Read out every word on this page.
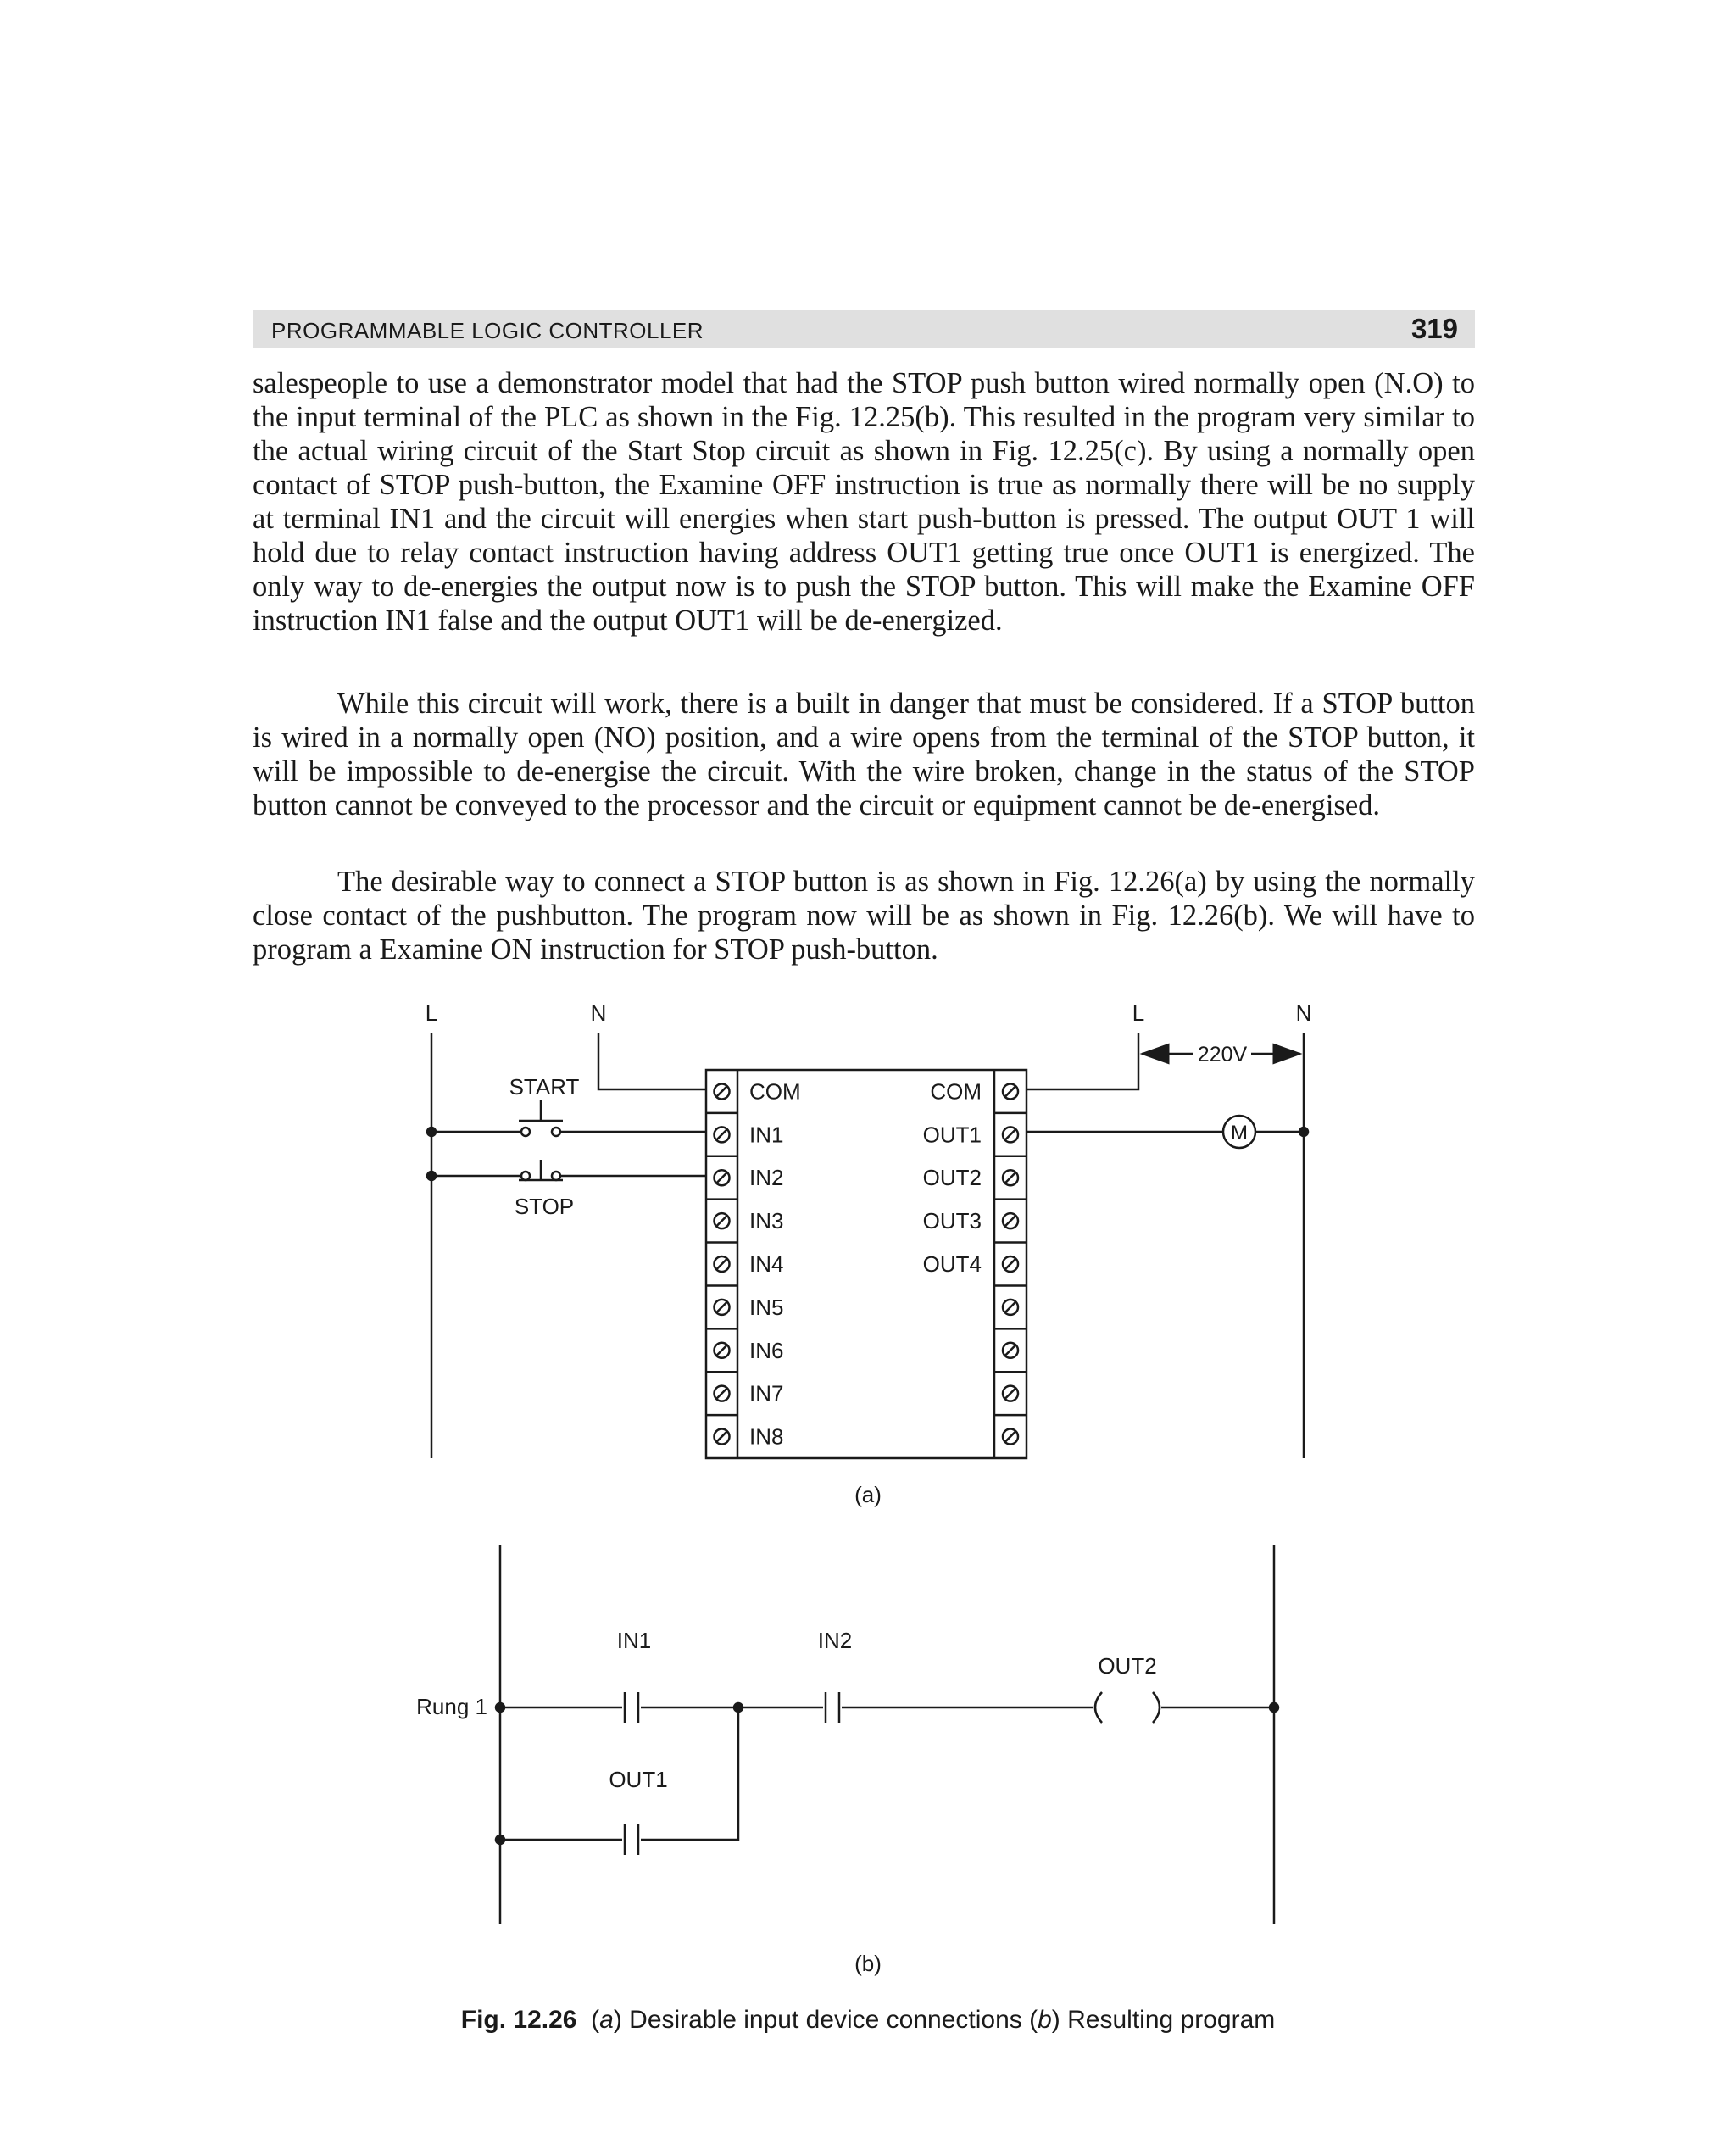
PROGRAMMABLE LOGIC CONTROLLER	319

salespeople to use a demonstrator model that had the STOP push button wired normally open (N.O) to the input terminal of the PLC as shown in the Fig. 12.25(b). This resulted in the program very similar to the actual wiring circuit of the Start Stop circuit as shown in Fig. 12.25(c). By using a normally open contact of STOP push-button, the Examine OFF instruction is true as normally there will be no supply at terminal IN1 and the circuit will energies when start push-button is pressed. The output OUT 1 will hold due to relay contact instruction having address OUT1 getting true once OUT1 is energized. The only way to de-energies the output now is to push the STOP button. This will make the Examine OFF instruction IN1 false and the output OUT1 will be de-energized.

While this circuit will work, there is a built in danger that must be considered. If a STOP button is wired in a normally open (NO) position, and a wire opens from the terminal of the STOP button, it will be impossible to de-energise the circuit. With the wire broken, change in the status of the STOP button cannot be conveyed to the processor and the circuit or equipment cannot be de-energised.

The desirable way to connect a STOP button is as shown in Fig. 12.26(a) by using the normally close contact of the pushbutton. The program now will be as shown in Fig. 12.26(b). We will have to program a Examine ON instruction for STOP push-button.

L	N	L	N
START
STOP
COM	COM
IN1	OUT1
IN2	OUT2
IN3	OUT3
IN4	OUT4
IN5
IN6
IN7
IN8
M
220V
(a)
Rung 1
IN1	IN2
OUT2
OUT1
(b)
Fig. 12.26  (a) Desirable input device connections (b) Resulting program
